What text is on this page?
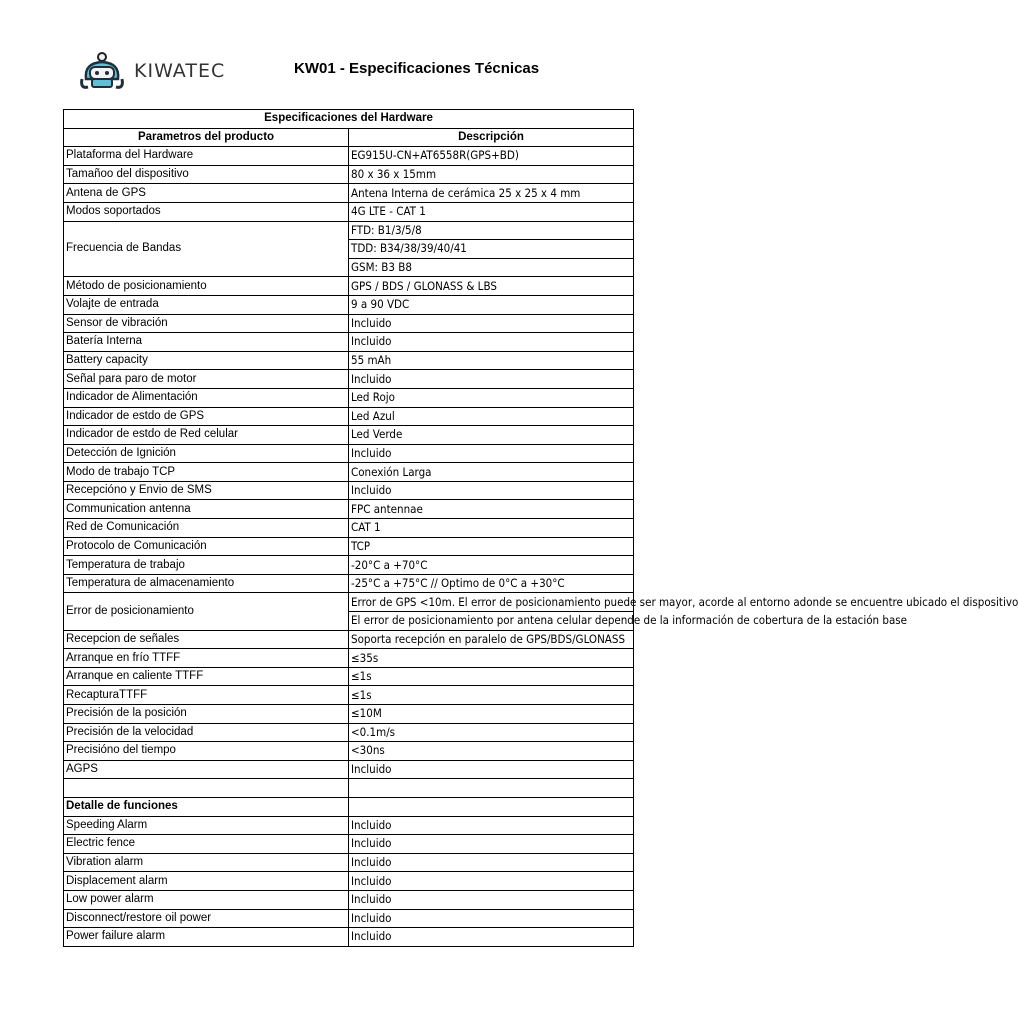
KIWATEC	KW01 - Especificaciones Técnicas
Especificaciones del Hardware	
Parametros del producto	Descripción
Plataforma del Hardware	EG915U-CN+AT6558R(GPS+BD)
Tamañoo del dispositivo	80 x 36 x 15mm
Antena de GPS	Antena Interna de cerámica 25 x 25 x 4 mm
Modos soportados	4G LTE - CAT 1
Frecuencia de Bandas	FTD: B1/3/5/8
	TDD: B34/38/39/40/41
	GSM: B3 B8
Método de posicionamiento	GPS / BDS / GLONASS & LBS
Volajte de entrada	9 a 90 VDC
Sensor de vibración	Incluido
Batería Interna	Incluido
Battery capacity	55 mAh
Señal para paro de motor	Incluido
Indicador de Alimentación	Led Rojo
Indicador de estdo de GPS	Led Azul
Indicador de estdo de Red celular	Led Verde
Detección de Ignición	Incluido
Modo de trabajo TCP	Conexión Larga
Recepcióno y Envio de SMS	Incluido
Communication antenna	FPC antennae
Red de Comunicación	CAT 1
Protocolo de Comunicación	TCP
Temperatura de trabajo	-20°C a +70°C
Temperatura de almacenamiento	-25°C a +75°C // Optimo de 0°C a +30°C
Error de posicionamiento	Error de GPS <10m. El error de posicionamiento puede ser mayor, acorde al entorno adonde se encuentre ubicado el dispositivo
	El error de posicionamiento por antena celular depende de la información de cobertura de la estación base
Recepcion de señales	Soporta recepción en paralelo de GPS/BDS/GLONASS
Arranque en frío TTFF	≤35s
Arranque en caliente TTFF	≤1s
RecapturaTTFF	≤1s
Precisión de la posición	≤10M
Precisión de la velocidad	<0.1m/s
Precisióno del tiempo	<30ns
AGPS	Incluido

Detalle de funciones	
Speeding Alarm	Incluido
Electric fence	Incluido
Vibration alarm	Incluido
Displacement alarm	Incluido
Low power alarm	Incluido
Disconnect/restore oil power	Incluido
Power failure alarm	Incluido
